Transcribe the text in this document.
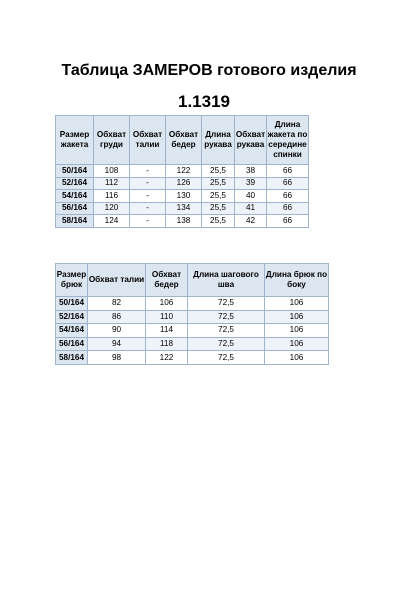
Таблица ЗАМЕРОВ готового изделия
1.1319
Размер жакета	Обхват груди	Обхват талии	Обхват бедер	Длина рукава	Обхват рукава	Длина жакета по середине спинки
50/164	108	-	122	25,5	38	66
52/164	112	-	126	25,5	39	66
54/164	116	-	130	25,5	40	66
56/164	120	-	134	25,5	41	66
58/164	124	-	138	25,5	42	66
Размер брюк	Обхват талии	Обхват бедер	Длина шагового шва	Длина брюк по боку
50/164	82	106	72,5	106
52/164	86	110	72,5	106
54/164	90	114	72,5	106
56/164	94	118	72,5	106
58/164	98	122	72,5	106
